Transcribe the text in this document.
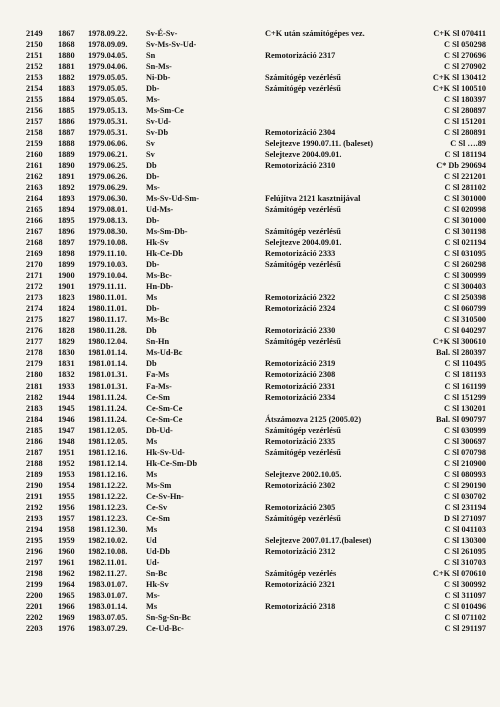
2149 1867 1978.09.22. Sv-É-Sv-	C+K után számítógépes vez.	C+K Sl 070411
2150 1868 1978.09.09. Sv-Ms-Sv-Ud-	C Sl 050298
2151 1880 1979.04.05. Sn	Remotorizáció 2317	C Sl 270696
2152 1881 1979.04.06. Sn-Ms-	C Sl 270902
2153 1882 1979.05.05. Ni-Db-	Számítógép vezérlésű	C+K Sl 130412
2154 1883 1979.05.05. Db-	Számítógép vezérlésű	C+K Sl 100510
2155 1884 1979.05.05. Ms-	C Sl 180397
2156 1885 1979.05.13. Ms-Sm-Ce	C Sl 280897
2157 1886 1979.05.31. Sv-Ud-	C Sl 151201
2158 1887 1979.05.31. Sv-Db	Remotorizáció 2304	C Sl 280891
2159 1888 1979.06.06. Sv	Selejtezve 1990.07.11. (baleset)	C Sl ….89
2160 1889 1979.06.21. Sv	Selejtezve 2004.09.01.	C Sl 181194
2161 1890 1979.06.25. Db	Remotorizáció 2310	C* Db 290694
2162 1891 1979.06.26. Db-	C Sl 221201
2163 1892 1979.06.29. Ms-	C Sl 281102
2164 1893 1979.06.30. Ms-Sv-Ud-Sm-	Felújítva 2121 kasztnijával	C Sl 301000
2165 1894 1979.08.01. Ud-Ms-	Számítógép vezérlésű	C Sl 020998
2166 1895 1979.08.13. Db-	C Sl 301000
2167 1896 1979.08.30. Ms-Sm-Db-	Számítógép vezérlésű	C Sl 301198
2168 1897 1979.10.08. Hk-Sv	Selejtezve 2004.09.01.	C Sl 021194
2169 1898 1979.11.10. Hk-Ce-Db	Remotorizáció 2333	C Sl 031095
2170 1899 1979.10.03. Db-	Számítógép vezérlésű	C Sl 260298
2171 1900 1979.10.04. Ms-Bc-	C Sl 300999
2172 1901 1979.11.11. Hn-Db-	C Sl 300403
2173 1823 1980.11.01. Ms	Remotorizáció 2322	C Sl 250398
2174 1824 1980.11.01. Db-	Remotorizáció 2324	C Sl 060799
2175 1827 1980.11.17. Ms-Bc	C Sl 310500
2176 1828 1980.11.28. Db	Remotorizáció 2330	C Sl 040297
2177 1829 1980.12.04. Sn-Hn	Számítógép vezérlésű	C+K Sl 300610
2178 1830 1981.01.14. Ms-Ud-Bc	Bal. Sl 280397
2179 1831 1981.01.14. Db	Remotorizáció 2319	C Sl 110495
2180 1832 1981.01.31. Fa-Ms	Remotorizáció 2308	C Sl 181193
2181 1933 1981.01.31. Fa-Ms-	Remotorizáció 2331	C Sl 161199
2182 1944 1981.11.24. Ce-Sm	Remotorizáció 2334	C Sl 151299
2183 1945 1981.11.24. Ce-Sm-Ce	C Sl 130201
2184 1946 1981.11.24. Ce-Sm-Ce	Átszámozva 2125 (2005.02)	Bal. Sl 090797
2185 1947 1981.12.05. Db-Ud-	Számítógép vezérlésű	C Sl 030999
2186 1948 1981.12.05. Ms	Remotorizáció 2335	C Sl 300697
2187 1951 1981.12.16. Hk-Sv-Ud-	Számítógép vezérlésű	C Sl 070798
2188 1952 1981.12.14. Hk-Ce-Sm-Db	C Sl 210900
2189 1953 1981.12.16. Ms	Selejtezve 2002.10.05.	C Sl 080993
2190 1954 1981.12.22. Ms-Sm	Remotorizáció 2302	C Sl 290190
2191 1955 1981.12.22. Ce-Sv-Hn-	C Sl 030702
2192 1956 1981.12.23. Ce-Sv	Remotorizáció 2305	C Sl 231194
2193 1957 1981.12.23. Ce-Sm	Számítógép vezérlésű	D Sl 271097
2194 1958 1981.12.30. Ms	C Sl 041103
2195 1959 1982.10.02. Ud	Selejtezve 2007.01.17.(baleset)	C Sl 130300
2196 1960 1982.10.08. Ud-Db	Remotorizáció 2312	C Sl 261095
2197 1961 1982.11.01. Ud-	C Sl 310703
2198 1962 1982.11.27. Sn-Bc	Számítógép vezérlés	C+K Sl 070610
2199 1964 1983.01.07. Hk-Sv	Remotorizáció 2321	C Sl 300992
2200 1965 1983.01.07. Ms-	C Sl 311097
2201 1966 1983.01.14. Ms	Remotorizáció 2318	C Sl 010496
2202 1969 1983.07.05. Sn-Sg-Sn-Bc	C Sl 071102
2203 1976 1983.07.29. Ce-Ud-Bc-	C Sl 291197
